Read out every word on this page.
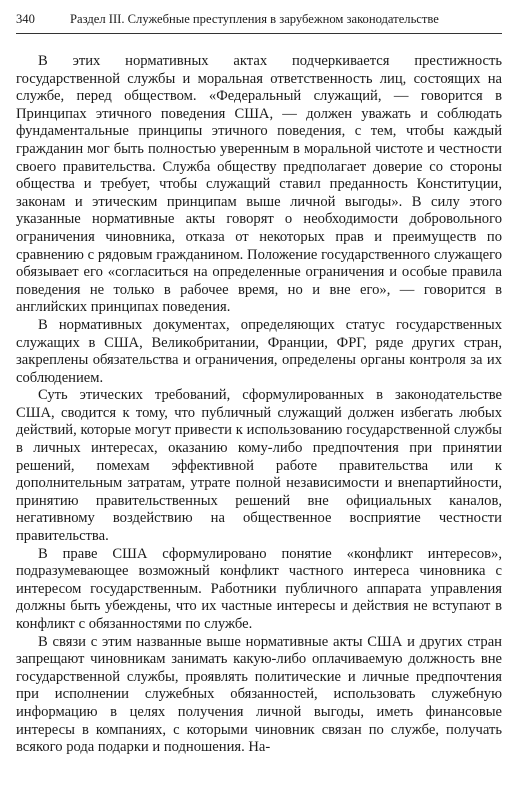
340	Раздел III. Служебные преступления в зарубежном законодательстве

В этих нормативных актах подчеркивается престижность государственной службы и моральная ответственность лиц, состоящих на службе, перед обществом. «Федеральный служащий, — говорится в Принципах этичного поведения США, — должен уважать и соблюдать фундаментальные принципы этичного поведения, с тем, чтобы каждый гражданин мог быть полностью уверенным в моральной чистоте и честности своего правительства. Служба обществу предполагает доверие со стороны общества и требует, чтобы служащий ставил преданность Конституции, законам и этическим принципам выше личной выгоды». В силу этого указанные нормативные акты говорят о необходимости добровольного ограничения чиновника, отказа от некоторых прав и преимуществ по сравнению с рядовым гражданином. Положение государственного служащего обязывает его «согласиться на определенные ограничения и особые правила поведения не только в рабочее время, но и вне его», — говорится в английских принципах поведения.

В нормативных документах, определяющих статус государственных служащих в США, Великобритании, Франции, ФРГ, ряде других стран, закреплены обязательства и ограничения, определены органы контроля за их соблюдением.

Суть этических требований, сформулированных в законодательстве США, сводится к тому, что публичный служащий должен избегать любых действий, которые могут привести к использованию государственной службы в личных интересах, оказанию кому-либо предпочтения при принятии решений, помехам эффективной работе правительства или к дополнительным затратам, утрате полной независимости и внепартийности, принятию правительственных решений вне официальных каналов, негативному воздействию на общественное восприятие честности правительства.

В праве США сформулировано понятие «конфликт интересов», подразумевающее возможный конфликт частного интереса чиновника с интересом государственным. Работники публичного аппарата управления должны быть убеждены, что их частные интересы и действия не вступают в конфликт с обязанностями по службе.

В связи с этим названные выше нормативные акты США и других стран запрещают чиновникам занимать какую-либо оплачиваемую должность вне государственной службы, проявлять политические и личные предпочтения при исполнении служебных обязанностей, использовать служебную информацию в целях получения личной выгоды, иметь финансовые интересы в компаниях, с которыми чиновник связан по службе, получать всякого рода подарки и подношения. На-
